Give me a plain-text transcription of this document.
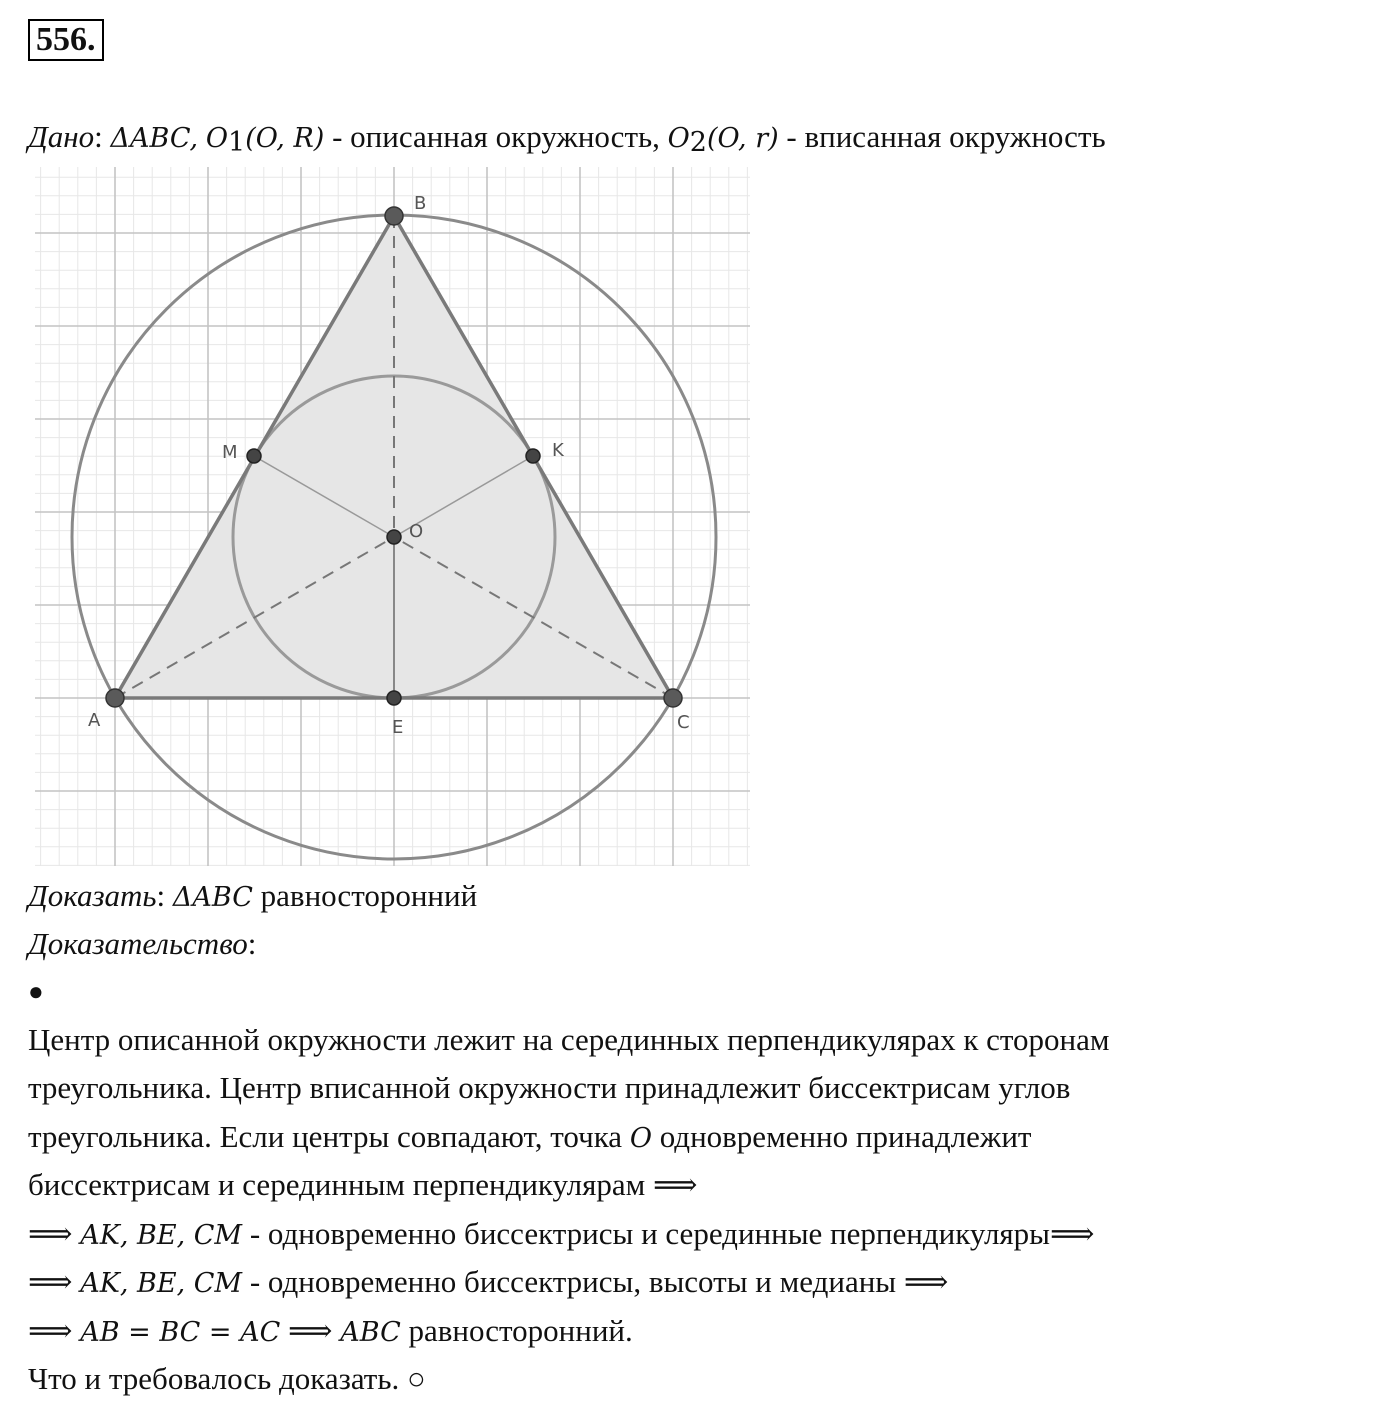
556.
Дано: ΔABC, $O_1(O$, R) - описанная окружность, $O_2(O$, r) - вписанная окружность
B
A	C
E
M	K
O
Доказать: ΔABC равносторонний
Доказательство:
●
Центр описанной окружности лежит на серединных перпендикулярах к сторонам
треугольника. Центр вписанной окружности принадлежит биссектрисам углов
треугольника. Если центры совпадают, точка O одновременно принадлежит
биссектрисам и серединным перпендикулярам ⟹
⟹ AK, BE, CM - одновременно биссектрисы и серединные перпендикуляры⟹
⟹ AK, BE, CM - одновременно биссектрисы, высоты и медианы ⟹
⟹ AB = BC = AC ⟹ ABC равносторонний.
Что и требовалось доказать. ○
